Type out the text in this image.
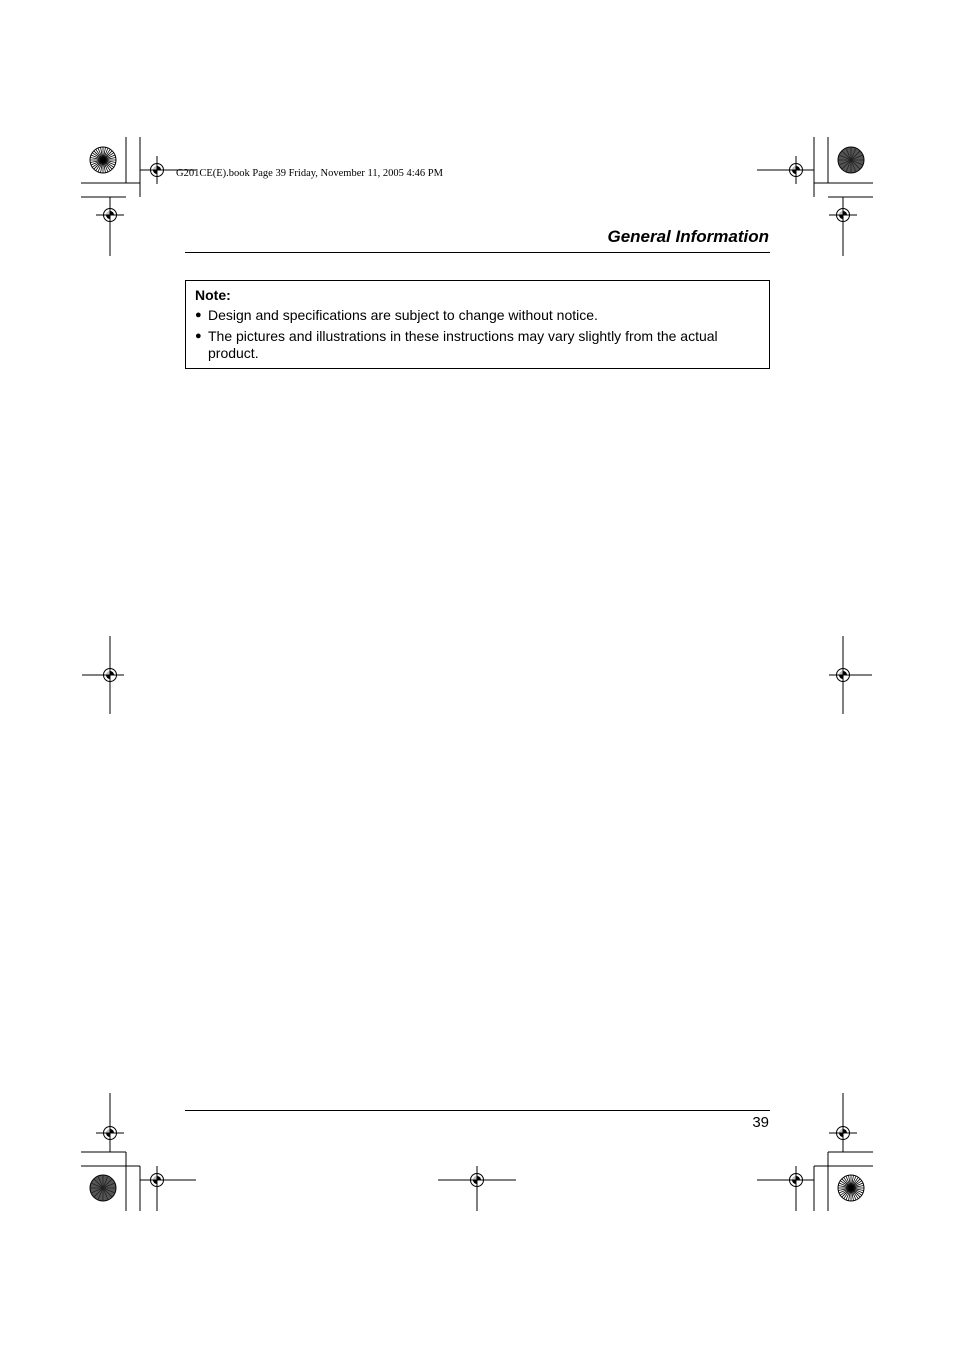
G201CE(E).book Page 39 Friday, November 11, 2005 4:46 PM
General Information
Note:
● Design and specifications are subject to change without notice.
● The pictures and illustrations in these instructions may vary slightly from the actual product.
39
